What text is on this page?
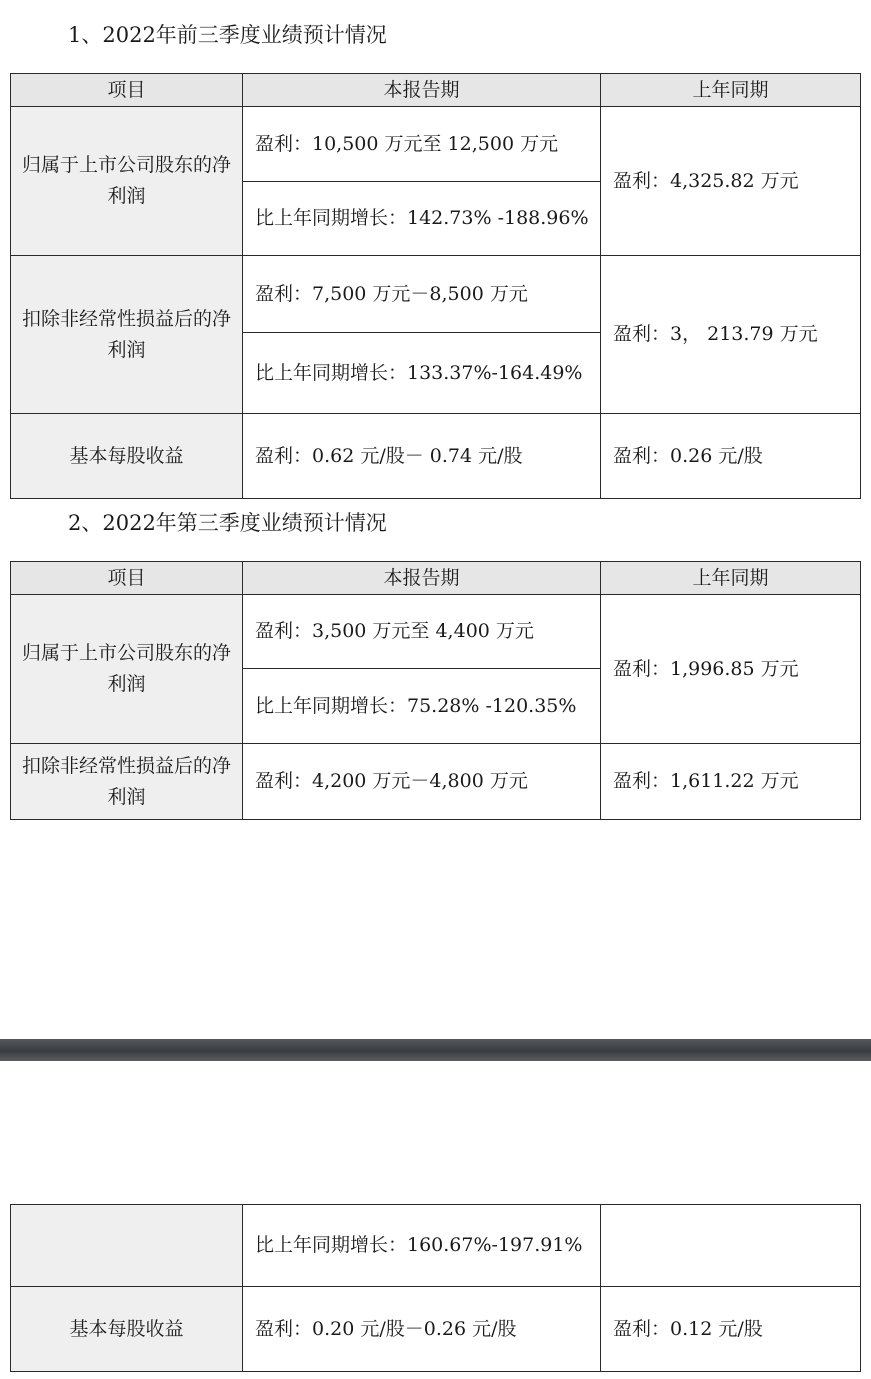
1、2022年前三季度业绩预计情况
项目	本报告期	上年同期
归属于上市公司股东的净利润	盈利：10,500 万元至 12,500 万元	盈利：4,325.82 万元
	比上年同期增长：142.73% -188.96%	
扣除非经常性损益后的净利润	盈利：7,500 万元－8,500 万元	盈利：3， 213.79 万元
	比上年同期增长：133.37%-164.49%	
基本每股收益	盈利：0.62 元/股－ 0.74 元/股	盈利：0.26 元/股
2、2022年第三季度业绩预计情况
项目	本报告期	上年同期
归属于上市公司股东的净利润	盈利：3,500 万元至 4,400 万元	盈利：1,996.85 万元
	比上年同期增长：75.28% -120.35%	
扣除非经常性损益后的净利润	盈利：4,200 万元－4,800 万元	盈利：1,611.22 万元
	比上年同期增长：160.67%-197.91%	
基本每股收益	盈利：0.20 元/股－0.26 元/股	盈利：0.12 元/股
